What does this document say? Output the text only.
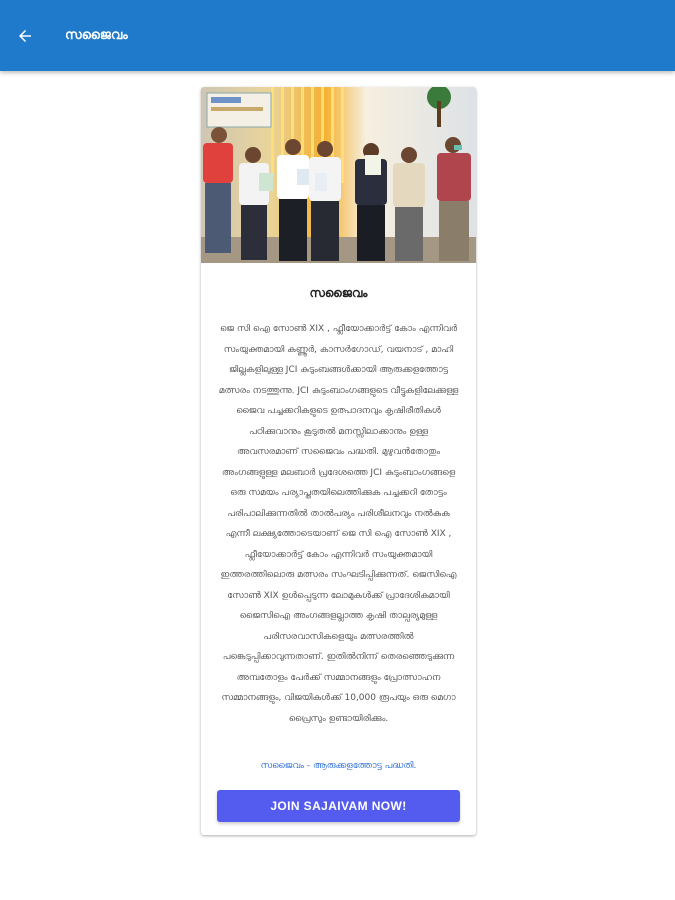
സജൈവം
സജൈവം

ജെ സി ഐ സോൺ XIX , ഫ്ലീയോക്കാർട്ട് കോം എന്നിവർ സംയുക്തമായി കണ്ണൂർ, കാസർഗോഡ്, വയനാട് , മാഹി ജില്ലകളിലുള്ള JCI കുടുംബങ്ങൾക്കായി ആരുക്കളത്തോട്ട മത്സരം നടത്തുന്നു. JCI കുടുംബാംഗങ്ങളുടെ വീട്ടുകളിലേക്കുള്ള ജൈവ പച്ചക്കറികളുടെ ഉത്പാദനവും കൃഷിരീതികൾ പഠിക്കുവാനും കൂടുതൽ മനസ്സിലാക്കാനും ഉള്ള അവസരമാണ് സജൈവം പദ്ധതി. മുഴുവൻതോതും അംഗങ്ങളുള്ള മലബാർ പ്രദേശത്തെ JCI കുടുംബാംഗങ്ങളെ ഒരു സമയം പര്യാപ്തതയിലെത്തിക്കുക പച്ചക്കറി തോട്ടം പരിപാലിക്കുന്നതിൽ താൽപര്യം പരിശീലനവും നൽകുക എന്നീ ലക്ഷ്യത്തോടെയാണ് ജെ സി ഐ സോൺ XIX , ഫ്ലീയോക്കാർട്ട് കോം എന്നിവർ സംയുക്തമായി ഇത്തരത്തിലൊരു മത്സരം സംഘടിപ്പിക്കുന്നത്. ജെസിഐ സോൺ XIX ഉൾപ്പെടുന്ന ലോമുകൾക്ക് പ്രാദേശികമായി ജൈസിഐ അംഗങ്ങളല്ലാത്ത കൃഷി താല്പര്യമുള്ള പരിസരവാസികളെയും മത്സരത്തിൽ പങ്കെടുപ്പിക്കാവുന്നതാണ്. ഇതിൽനിന്ന് തെരഞ്ഞെടുക്കുന്ന അമ്പതോളം പേർക്ക് സമ്മാനങ്ങളും പ്രോത്സാഹന സമ്മാനങ്ങളും, വിജയികൾക്ക് 10,000 രൂപയും ഒരു മെഗാ പ്രൈസും ഉണ്ടായിരിക്കും.

സജൈവം - ആരുക്കളത്തോട്ട പദ്ധതി.
JOIN SAJAIVAM NOW!
